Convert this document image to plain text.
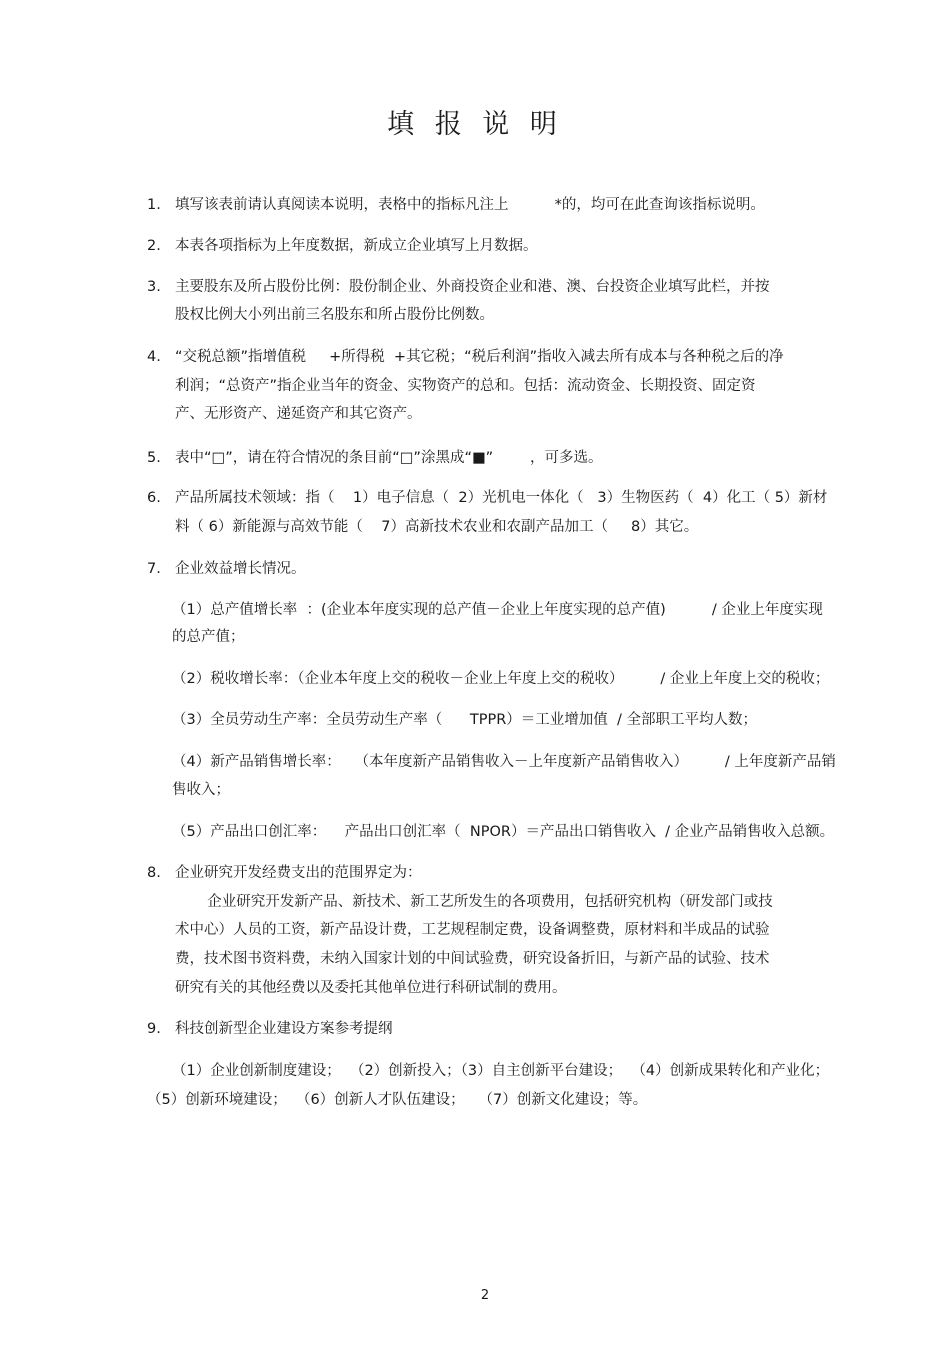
填 报 说 明
1. 填写该表前请认真阅读本说明，表格中的指标凡注上          *的，均可在此查询该指标说明。
2. 本表各项指标为上年度数据，新成立企业填写上月数据。
3. 主要股东及所占股份比例：股份制企业、外商投资企业和港、澳、台投资企业填写此栏，并按
股权比例大小列出前三名股东和所占股份比例数。
4. “交税总额”指增值税     +所得税  +其它税；“税后利润”指收入减去所有成本与各种税之后的净
利润；“总资产”指企业当年的资金、实物资产的总和。包括：流动资金、长期投资、固定资
产、无形资产、递延资产和其它资产。
5. 表中“□”，请在符合情况的条目前“□”涂黑成“■”        ，可多选。
6. 产品所属技术领域：指（    1）电子信息（  2）光机电一体化（   3）生物医药（  4）化工（ 5）新材
料（ 6）新能源与高效节能（    7）高新技术农业和农副产品加工（     8）其它。
7. 企业效益增长情况。
（1）总产值增长率  ：(企业本年度实现的总产值－企业上年度实现的总产值)          / 企业上年度实现
的总产值；
（2）税收增长率：（企业本年度上交的税收－企业上年度上交的税收）        / 企业上年度上交的税收；
（3）全员劳动生产率：全员劳动生产率（      TPPR）＝工业增加值  / 全部职工平均人数；
（4）新产品销售增长率：   （本年度新产品销售收入－上年度新产品销售收入）        / 上年度新产品销
售收入；
（5）产品出口创汇率：    产品出口创汇率（  NPOR）＝产品出口销售收入  / 企业产品销售收入总额。
8. 企业研究开发经费支出的范围界定为：
企业研究开发新产品、新技术、新工艺所发生的各项费用，包括研究机构（研发部门或技
术中心）人员的工资，新产品设计费，工艺规程制定费，设备调整费，原材料和半成品的试验
费，技术图书资料费，未纳入国家计划的中间试验费，研究设备折旧，与新产品的试验、技术
研究有关的其他经费以及委托其他单位进行科研试制的费用。
9. 科技创新型企业建设方案参考提纲
（1）企业创新制度建设；  （2）创新投入；（3）自主创新平台建设；  （4）创新成果转化和产业化；
（5）创新环境建设；  （6）创新人才队伍建设；   （7）创新文化建设；等。
2
